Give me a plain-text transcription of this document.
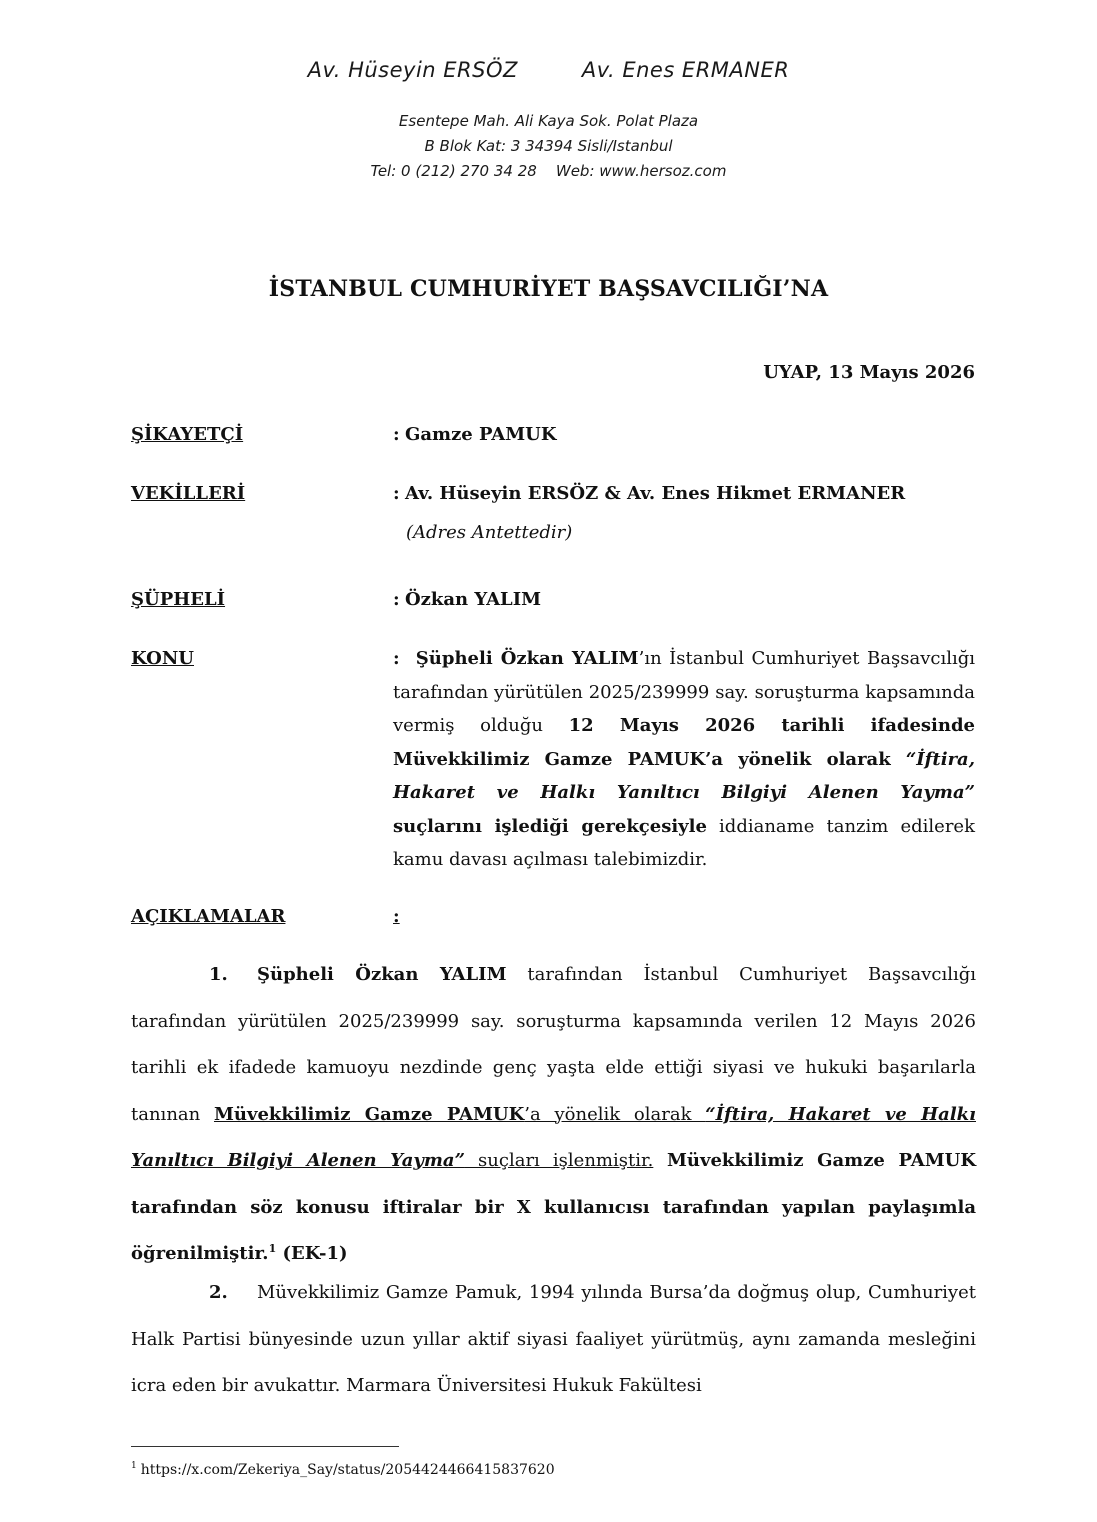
Av. Hüseyin ERSÖZ	Av. Enes ERMANER
Esentepe Mah. Ali Kaya Sok. Polat Plaza
B Blok Kat: 3 34394 Sisli/Istanbul
Tel: 0 (212) 270 34 28    Web: www.hersoz.com
İSTANBUL CUMHURİYET BAŞSAVCILIĞI’NA
UYAP, 13 Mayıs 2026
ŞİKAYETÇİ	: Gamze PAMUK
VEKİLLERİ	: Av. Hüseyin ERSÖZ & Av. Enes Hikmet ERMANER
(Adres Antettedir)
ŞÜPHELİ	: Özkan YALIM
KONU	:  Şüpheli Özkan YALIM’ın İstanbul Cumhuriyet Başsavcılığı tarafından yürütülen 2025/239999 say. soruşturma kapsamında vermiş olduğu 12 Mayıs 2026 tarihli ifadesinde Müvekkilimiz Gamze PAMUK’a yönelik olarak “İftira, Hakaret ve Halkı Yanıltıcı Bilgiyi Alenen Yayma” suçlarını işlediği gerekçesiyle iddianame tanzim edilerek kamu davası açılması talebimizdir.
AÇIKLAMALAR	:
1. Şüpheli Özkan YALIM tarafından İstanbul Cumhuriyet Başsavcılığı tarafından yürütülen 2025/239999 say. soruşturma kapsamında verilen 12 Mayıs 2026 tarihli ek ifadede kamuoyu nezdinde genç yaşta elde ettiği siyasi ve hukuki başarılarla tanınan Müvekkilimiz Gamze PAMUK’a yönelik olarak “İftira, Hakaret ve Halkı Yanıltıcı Bilgiyi Alenen Yayma” suçları işlenmiştir. Müvekkilimiz Gamze PAMUK tarafından söz konusu iftiralar bir X kullanıcısı tarafından yapılan paylaşımla öğrenilmiştir.$^1$ (EK-1)
2. Müvekkilimiz Gamze Pamuk, 1994 yılında Bursa’da doğmuş olup, Cumhuriyet Halk Partisi bünyesinde uzun yıllar aktif siyasi faaliyet yürütmüş, aynı zamanda mesleğini icra eden bir avukattır. Marmara Üniversitesi Hukuk Fakültesi
$^1$ https://x.com/Zekeriya_Say/status/2054424466415837620
